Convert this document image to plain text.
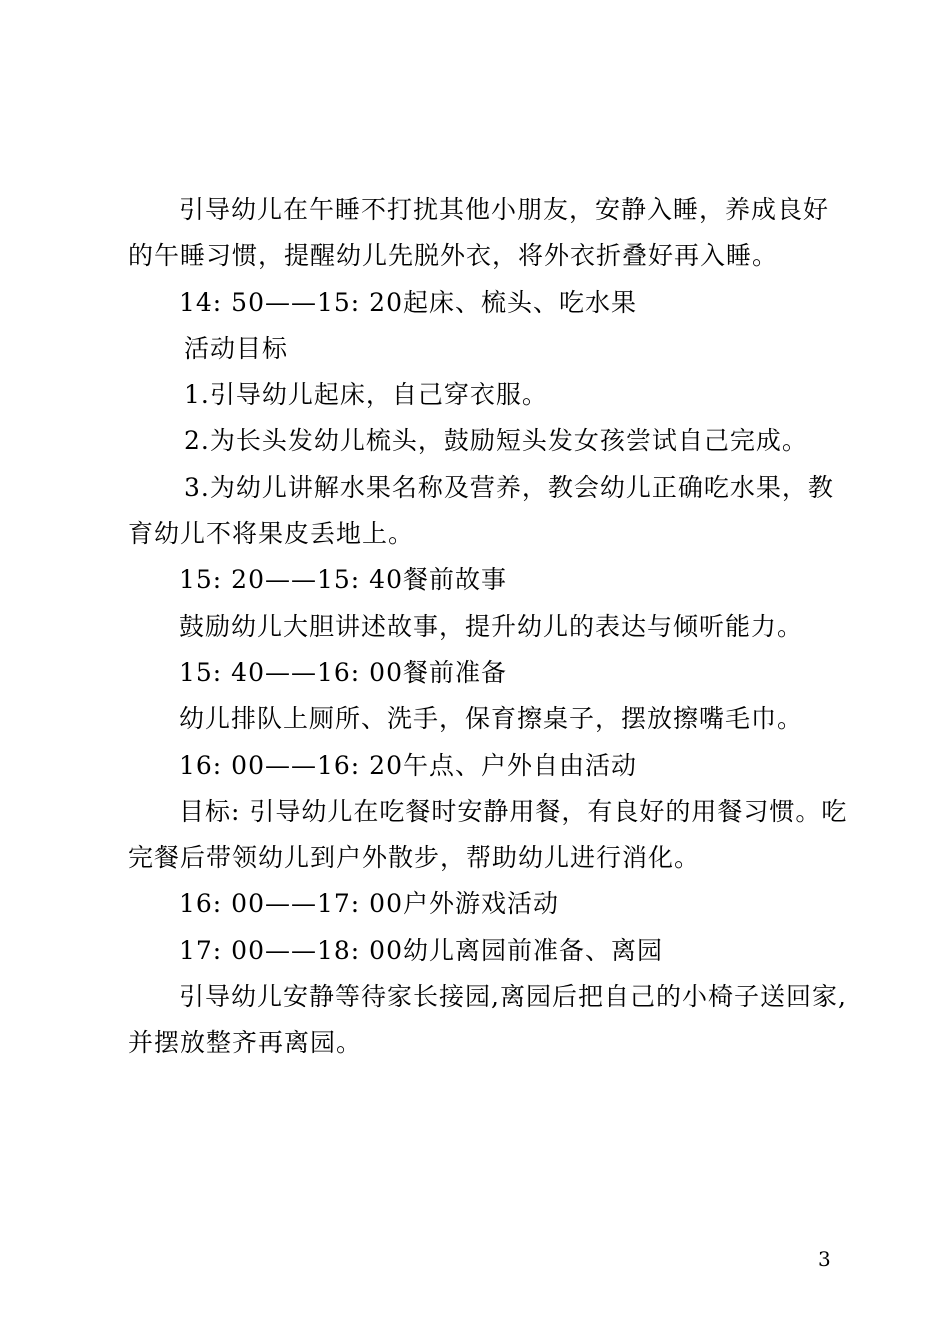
引导幼儿在午睡不打扰其他小朋友，安静入睡，养成良好
的午睡习惯，提醒幼儿先脱外衣，将外衣折叠好再入睡。
14: 50——15: 20起床、梳头、吃水果
活动目标
1.引导幼儿起床，自己穿衣服。
2.为长头发幼儿梳头，鼓励短头发女孩尝试自己完成。
3.为幼儿讲解水果名称及营养，教会幼儿正确吃水果，教
育幼儿不将果皮丢地上。
15: 20——15: 40餐前故事
鼓励幼儿大胆讲述故事，提升幼儿的表达与倾听能力。
15: 40——16: 00餐前准备
幼儿排队上厕所、洗手，保育擦桌子，摆放擦嘴毛巾。
16: 00——16: 20午点、户外自由活动
目标: 引导幼儿在吃餐时安静用餐，有良好的用餐习惯。吃
完餐后带领幼儿到户外散步，帮助幼儿进行消化。
16: 00——17: 00户外游戏活动
17: 00——18: 00幼儿离园前准备、离园
引导幼儿安静等待家长接园,离园后把自己的小椅子送回家,
并摆放整齐再离园。
3
